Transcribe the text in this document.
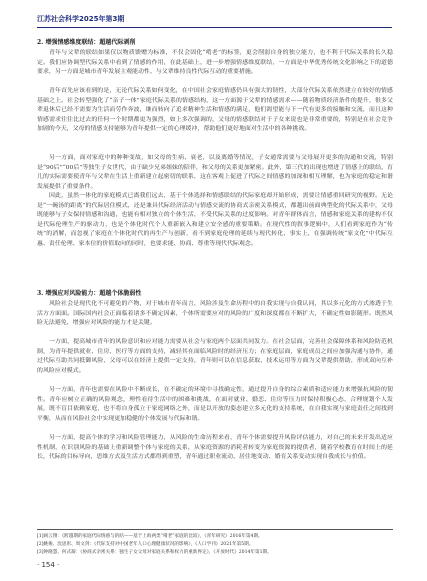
江苏社会科学2025年第3期
2. 增强情感维度联结：超越代际剥削

青年与父辈的联结如果仅以物质馈赠为标准，不仅会固化“啃老”的标签，更会削弱自身的独立能力，也不利于代际关系的长久稳定。我们应协调型代际关系中看到了情感的作用，在此基础上，进一步增强情感维度联结，一方面是中华优秀传统文化影响之下的道德要求，另一方面是城市青年发展主观能动性、与父辈维持良性代际互动的重要措施。

青年首先应该看到的是，无论代际关系如何变化，在中国社会家庭情感仍具有强大的韧性，大部分代际关系依然建立在较好的情感基础之上。社会转型强化了“亲子一体”家庭代际关系的情感结构，这一方面源于父辈的情感需求——随着物质经济条件的提升，很多父辈退休后已经不需要为生活而劳作奔波，继而转向了追求精神生活和情感的满足，他们渴望能与下一代有更多的接触和交流，而且这种情感需求往往比过去的任何一个时期都更为强烈，如上多次强调的，父母的情感联结对于子女来说也是非常重要的，特别是在社会竞争加剧的今天，父母的情感支持能够为青年提供一定的心理缓冲，帮助他们更好地面对生活中的各种挑战。

另一方面，面对家庭中的种种变故，如父母的生病、衰老，以及离婚等情况，子女通常需要与父母展开更多的沟通和交流，特别是“90后”“00后”等独生子女世代，由于缺少兄弟姐妹的陪伴，和父母的关系更加紧密。此外，第三代的出现也增进了情感上的联结，育儿的实际需要使青年与父辈在生活上重新建立起密切的联系，这在客观上促进了代际之间情感的加深和相互理解，也为家庭的稳定和谐发展提供了重要条件。

因此，虽然一体化的家庭模式已离我们远去，基于个体选择和情感联结的代际家庭却开始形成，需要让情感重回研究的视野。无论是“一碗汤的距离”的代际居住模式，还是兼具代际经济活动与情感交流的协商式亲密关系模式，都越出前面典型化的代际关系中，父母既能够与子女保持情感和沟通，也能有相对独立的个体生活，不受代际关系的过度影响。对青年群体而言，情感和家庭关系的建构不仅是代际伦理生产的驱动力，也是个体化时代个人重新嵌入和建立安全感的重要策略。在现代性的叙事逻辑中，人们看到家庭作为“传统”的消解，而忽视了家庭在个体化时代的再生产与创新，看不到家庭伦理的延续与现代转化，事实上，在强调传统“家文化”中代际互惠、责任伦理、家本位的价值取向的同时，也要求能、协商、尊重等现代代际观念。

3. 增强应对风险能力：超越个体脆弱性

风险社会是现代化不可避免的产物，对于城市青年而言，风险涉及生命历程中的自我实现与自我认同，其以多元化的方式渗透于生活方方面面。国际国内社会正面临着诸多不确定因素，个体所需要应对的风险的广度和深度都在不断扩大，不确定性如影随形。既然风险无法避免，增强应对风险的能力才是关键。

一方面，提高城市青年的风险意识和应对能力需要从社会与家庭两个层面共同发力。在社会层面，完善社会保障体系和风险防范机制，为青年提供就业、住房、医疗等方面的支持，减轻其在面临风险时的经济压力；在家庭层面，家庭成员之间应加强沟通与协作，通过代际互助共同抵御风险，父母可以在经济上提供一定支持，青年则可以在信息获取、技术运用等方面为父辈提供帮助，形成双向互补的风险应对模式。

另一方面，青年也需要在风险中不断成长，在不确定的环境中寻找确定性，通过提升自身的综合素质和适应能力来增强抗风险的韧性。青年应树立正确的风险观念，理性看待生活中的困难和挑战，在面对就业、婚恋、住房等压力时保持积极心态，合理规划个人发展，既不盲目依赖家庭，也不将自身孤立于家庭网络之外，而是以开放的姿态建立多元化的支持系统，在自我实现与家庭责任之间找到平衡，从而在风险社会中实现更加稳健的个体发展与代际和谐。

另一方面，提高个体的学习和风险管理能力，从风险的生命历程来看，青年个体需要提升风险评估能力，对自己的未来开发出适应性机制，在识别风险的基础上重新调整个体与家庭的关系，从家庭资源的消耗者转变为家庭资源的提供者，随着学校教育在时间上的延长，代际的目标导向，思维方式及生活方式都得到重塑，青年通过职业流动、居住地变动、婚育关系变动实现自我成长与价值。

[1]阎云翔：《跨越期的家庭代际情感与的结——基于上海两类“啃老”家庭的比较》，《青年研究》2016年第4期。
[2]姚俊、沈思彤、周文剑：《代际支持对中国老年人口心理健康状况的影响》，《人口学刊》2021年第5期。
[3]钟晓慧、何式凝：《协商式亲密关系：独生子女父母对家庭关系和权力的重新界定》，《开放时代》2014年第1期。
· 154 ·
